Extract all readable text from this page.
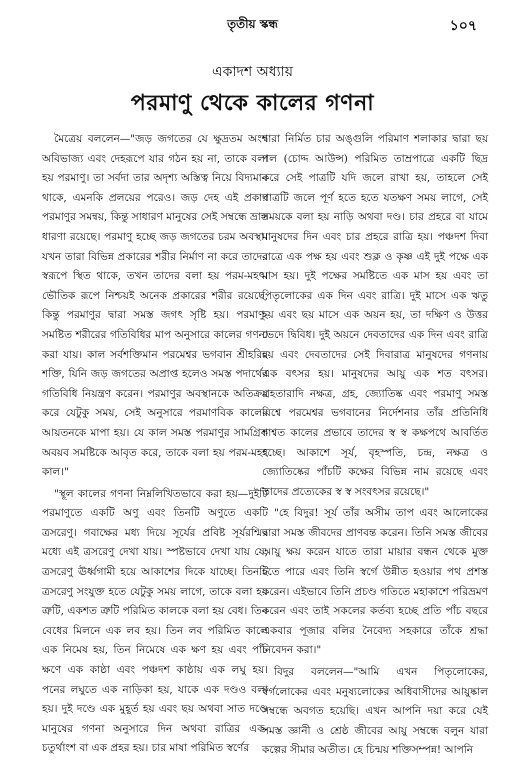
তৃতীয় স্কন্ধ	১০৭
একাদশ অধ্যায়
পরমাণু থেকে কালের গণনা

মৈত্রেয় বললেন—"জড় জগতের যে ক্ষুদ্রতম অংশ অবিভাজ্য এবং দেহরূপে যার গঠন হয় না, তাকে বলা হয় পরমাণু। তা সর্বদা তার অদৃশ্য অস্তিত্ব নিয়ে বিদ্যমান থাকে, এমনকি প্রলয়ের পরেও। জড় দেহ এই প্রকার পরমাণুর সমন্বয়, কিন্তু সাধারণ মানুষের সেই সম্বন্ধে ভ্রান্ত ধারণা রয়েছে। পরমাণু হচ্ছে জড় জগতের চরম অবস্থা। যখন তারা বিভিন্ন প্রকারের শরীর নির্মাণ না করে তাদের স্বরূপে স্থিত থাকে, তখন তাদের বলা হয় পরম-মহৎ। ভৌতিক রূপে নিশ্চয়ই অনেক প্রকারের শরীর রয়েছে, কিন্তু পরমাণুর দ্বারা সমস্ত জগৎ সৃষ্টি হয়। পরমাণু-সমষ্টিত শরীরের গতিবিধির মাপ অনুসারে কালের গণনা করা যায়। কাল সর্বশক্তিমান পরমেশ্বর ভগবান শ্রীহরির শক্তি, যিনি জড় জগতের অপ্রাপ্ত হলেও সমস্ত পদার্থের গতিবিধি নিয়ন্ত্রণ করেন। পরমাণুর অবস্থানকে অতিক্রম করে যেটুকু সময়, সেই অনুসারে পরমাণবিক কালের আয়তনকে মাপা হয়। যে কাল সমস্ত পরমাণুর সামগ্রিক অবয়ব সমষ্টিকে আবৃত করে, তাকে বলা হয় পরম-মহৎ কাল।"

"স্থূল কালের গণনা নিম্নলিখিতভাবে করা হয়—দুইটি পরমাণুতে একটি অণু এবং তিনটি অণুতে একটি ত্রসরেণু। গবাক্ষের মধ্য দিয়ে সূর্যের প্রবিষ্ট সূর্যরশ্মির মধ্যে এই ত্রসরেণু দেখা যায়। স্পষ্টভাবে দেখা যায় যে, ত্রসরেণু ঊর্ধ্বগামী হয়ে আকাশের দিকে যাচ্ছে। তিনটি ত্রসরেণু সংযুক্ত হতে যেটুকু সময় লাগে, তাকে বলা হয় ত্রুটি, একশত ত্রুটি পরিমিত কালকে বলা হয় বেধ। তিন বেধের মিলনে এক লব হয়। তিন লব পরিমিত কালে এক নিমেষ হয়, তিন নিমেষে এক ক্ষণ হয় এবং পাঁচ ক্ষণে এক কাষ্ঠা এবং পঞ্চদশ কাষ্ঠায় এক লঘু হয়। পনের লঘুতে এক নাড়িকা হয়, যাকে এক দণ্ডও বলা হয়। দুই দণ্ডে এক মুহূর্ত হয় এবং ছয় অথবা সাত দণ্ডে মানুষের গণনা অনুসারে দিন অথবা রাত্রির এক-চতুর্থাংশ বা এক প্রহর হয়। চার মাষা পরিমিত স্বর্ণের

দ্বারা নির্মিত চার অঙ্গুলি পরিমাণ শলাকার দ্বারা ছয় পল (চোদ্দ আউন্স) পরিমিত তাম্রপাত্রে একটি ছিদ্র করে সেই পাত্রটি যদি জলে রাখা হয়, তাহলে সেই পাত্রটি জলে পূর্ণ হতে হতে যতক্ষণ সময় লাগে, সেই সময়কে বলা হয় নাড়ি অথবা দণ্ড। চার প্রহরে বা যামে মানুষদের দিন এবং চার প্রহরে রাত্রি হয়। পঞ্চদশ দিবা রাত্রে এক পক্ষ হয় এবং শুক্ল ও কৃষ্ণ এই দুই পক্ষে এক মাস হয়। দুই পক্ষের সমষ্টিতে এক মাস হয় এবং তা পিতৃলোকের এক দিন এবং রাত্রি। দুই মাসে এক ঋতু হয় এবং ছয় মাসে এক অয়ন হয়, তা দক্ষিণ ও উত্তর ভেদে দ্বিবিধ। দুই অয়নে দেবতাদের এক দিন এবং রাত্রি হয় এবং দেবতাদের সেই দিবারাত্র মানুষদের গণনায় এক বৎসর হয়। মানুষদের আয়ু এক শত বৎসর। গ্রহতারাদি নক্ষত্র, গ্রহ, জ্যোতিষ্ক এবং পরমাণু সমস্ত বিশ্বে পরমেশ্বর ভগবানের নির্দেশনার তাঁর প্রতিনিধি শাশ্বত কালের প্রভাবে তাদের স্ব স্ব কক্ষপথে আবর্তিত হচ্ছে। আকাশে সূর্য, বৃহস্পতি, চন্দ্র, নক্ষত্র ও জ্যোতিষ্কের পাঁচটি কক্ষের বিভিন্ন নাম রয়েছে এবং তাদের প্রত্যেকের স্ব স্ব সংবৎসর রয়েছে।"

"হে বিদুর! সূর্য তাঁর অসীম তাপ এবং আলোকের দ্বারা সমস্ত জীবদের প্রাণবন্ত করেন। তিনি সমস্ত জীবের আয়ু ক্ষয় করেন যাতে তারা মায়ার বন্ধন থেকে মুক্ত হতে পারে এবং তিনি স্বর্গে উন্নীত হওয়ার পথ প্রশস্ত করেন। এইভাবে তিনি প্রচণ্ড গতিতে মহাকাশে পরিভ্রমণ করেন এবং তাই সকলের কর্তব্য হচ্ছে প্রতি পাঁচ বছরে একবার পূজার বলির নৈবেদ্য সহকারে তাঁকে শ্রদ্ধা নিবেদন করা।"

বিদুর বললেন—"আমি এখন পিতৃলোকের, স্বর্গলোকের এবং মনুষ্যলোকের অধিবাসীদের আয়ুষ্কাল সম্বন্ধে অবগত হয়েছি। এখন আপনি দয়া করে যেই সমস্ত জ্ঞানী ও শ্রেষ্ঠ জীবের আয়ু সম্বন্ধে বলুন যারা কল্পের সীমার অতীত। হে চিন্ময় শক্তিসম্পন্ন! আপনি
